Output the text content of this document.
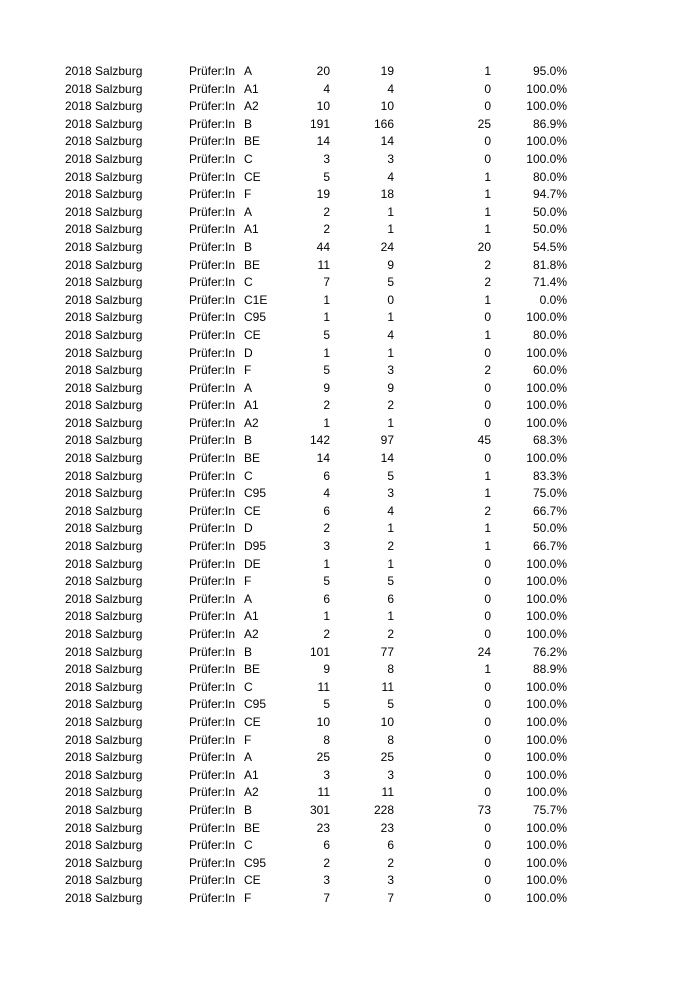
2018 Salzburg	Prüfer:In A	20	19	1	95.0%
2018 Salzburg	Prüfer:In A1	4	4	0	100.0%
2018 Salzburg	Prüfer:In A2	10	10	0	100.0%
2018 Salzburg	Prüfer:In B	191	166	25	86.9%
2018 Salzburg	Prüfer:In BE	14	14	0	100.0%
2018 Salzburg	Prüfer:In C	3	3	0	100.0%
2018 Salzburg	Prüfer:In CE	5	4	1	80.0%
2018 Salzburg	Prüfer:In F	19	18	1	94.7%
2018 Salzburg	Prüfer:In A	2	1	1	50.0%
2018 Salzburg	Prüfer:In A1	2	1	1	50.0%
2018 Salzburg	Prüfer:In B	44	24	20	54.5%
2018 Salzburg	Prüfer:In BE	11	9	2	81.8%
2018 Salzburg	Prüfer:In C	7	5	2	71.4%
2018 Salzburg	Prüfer:In C1E	1	0	1	0.0%
2018 Salzburg	Prüfer:In C95	1	1	0	100.0%
2018 Salzburg	Prüfer:In CE	5	4	1	80.0%
2018 Salzburg	Prüfer:In D	1	1	0	100.0%
2018 Salzburg	Prüfer:In F	5	3	2	60.0%
2018 Salzburg	Prüfer:In A	9	9	0	100.0%
2018 Salzburg	Prüfer:In A1	2	2	0	100.0%
2018 Salzburg	Prüfer:In A2	1	1	0	100.0%
2018 Salzburg	Prüfer:In B	142	97	45	68.3%
2018 Salzburg	Prüfer:In BE	14	14	0	100.0%
2018 Salzburg	Prüfer:In C	6	5	1	83.3%
2018 Salzburg	Prüfer:In C95	4	3	1	75.0%
2018 Salzburg	Prüfer:In CE	6	4	2	66.7%
2018 Salzburg	Prüfer:In D	2	1	1	50.0%
2018 Salzburg	Prüfer:In D95	3	2	1	66.7%
2018 Salzburg	Prüfer:In DE	1	1	0	100.0%
2018 Salzburg	Prüfer:In F	5	5	0	100.0%
2018 Salzburg	Prüfer:In A	6	6	0	100.0%
2018 Salzburg	Prüfer:In A1	1	1	0	100.0%
2018 Salzburg	Prüfer:In A2	2	2	0	100.0%
2018 Salzburg	Prüfer:In B	101	77	24	76.2%
2018 Salzburg	Prüfer:In BE	9	8	1	88.9%
2018 Salzburg	Prüfer:In C	11	11	0	100.0%
2018 Salzburg	Prüfer:In C95	5	5	0	100.0%
2018 Salzburg	Prüfer:In CE	10	10	0	100.0%
2018 Salzburg	Prüfer:In F	8	8	0	100.0%
2018 Salzburg	Prüfer:In A	25	25	0	100.0%
2018 Salzburg	Prüfer:In A1	3	3	0	100.0%
2018 Salzburg	Prüfer:In A2	11	11	0	100.0%
2018 Salzburg	Prüfer:In B	301	228	73	75.7%
2018 Salzburg	Prüfer:In BE	23	23	0	100.0%
2018 Salzburg	Prüfer:In C	6	6	0	100.0%
2018 Salzburg	Prüfer:In C95	2	2	0	100.0%
2018 Salzburg	Prüfer:In CE	3	3	0	100.0%
2018 Salzburg	Prüfer:In F	7	7	0	100.0%
